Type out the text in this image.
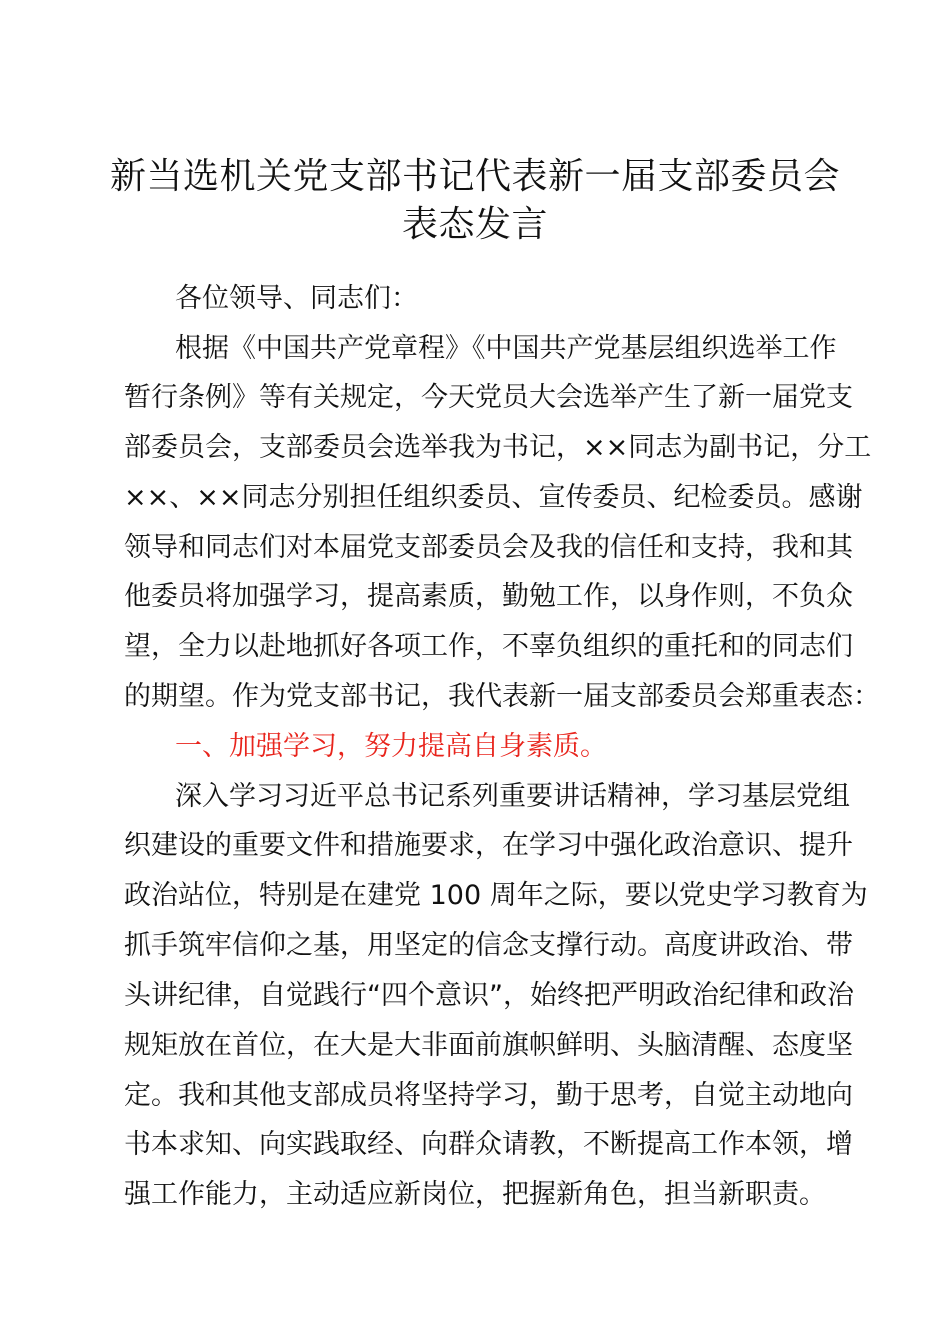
新当选机关党支部书记代表新一届支部委员会
表态发言
各位领导、同志们：
根据《中国共产党章程》《中国共产党基层组织选举工作
暂行条例》等有关规定，今天党员大会选举产生了新一届党支
部委员会，支部委员会选举我为书记，××同志为副书记，分工
××、××同志分别担任组织委员、宣传委员、纪检委员。感谢
领导和同志们对本届党支部委员会及我的信任和支持，我和其
他委员将加强学习，提高素质，勤勉工作，以身作则，不负众
望，全力以赴地抓好各项工作，不辜负组织的重托和的同志们
的期望。作为党支部书记，我代表新一届支部委员会郑重表态：
一、加强学习，努力提高自身素质。
深入学习习近平总书记系列重要讲话精神，学习基层党组
织建设的重要文件和措施要求，在学习中强化政治意识、提升
政治站位，特别是在建党 100 周年之际，要以党史学习教育为
抓手筑牢信仰之基，用坚定的信念支撑行动。高度讲政治、带
头讲纪律，自觉践行“四个意识”，始终把严明政治纪律和政治
规矩放在首位，在大是大非面前旗帜鲜明、头脑清醒、态度坚
定。我和其他支部成员将坚持学习，勤于思考，自觉主动地向
书本求知、向实践取经、向群众请教，不断提高工作本领，增
强工作能力，主动适应新岗位，把握新角色，担当新职责。
